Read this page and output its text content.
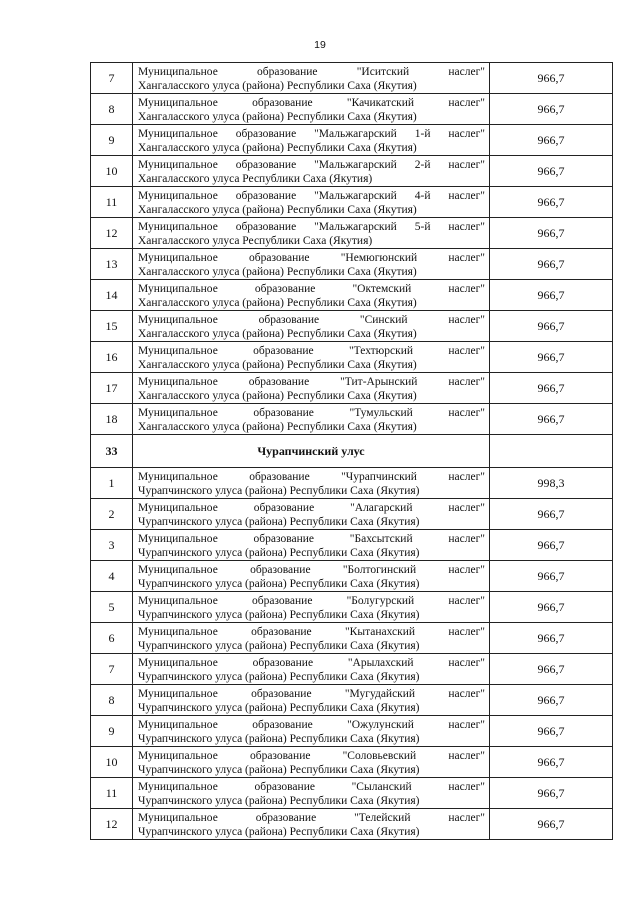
19
7	Муниципальное образование "Иситский наслег"
Хангаласского улуса (района) Республики Саха (Якутия)	966,7
8	Муниципальное образование "Качикатский наслег"
Хангаласского улуса (района) Республики Саха (Якутия)	966,7
9	Муниципальное образование "Мальжагарский 1-й наслег"
Хангаласского улуса (района) Республики Саха (Якутия)	966,7
10	Муниципальное образование "Мальжагарский 2-й наслег"
Хангаласского улуса Республики Саха (Якутия)	966,7
11	Муниципальное образование "Мальжагарский 4-й наслег"
Хангаласского улуса (района) Республики Саха (Якутия)	966,7
12	Муниципальное образование "Мальжагарский 5-й наслег"
Хангаласского улуса Республики Саха (Якутия)	966,7
13	Муниципальное образование "Немюгюнский наслег"
Хангаласского улуса (района) Республики Саха (Якутия)	966,7
14	Муниципальное образование "Октемский наслег"
Хангаласского улуса (района) Республики Саха (Якутия)	966,7
15	Муниципальное образование "Синский наслег"
Хангаласского улуса (района) Республики Саха (Якутия)	966,7
16	Муниципальное образование "Техтюрский наслег"
Хангаласского улуса (района) Республики Саха (Якутия)	966,7
17	Муниципальное образование "Тит-Арынский наслег"
Хангаласского улуса (района) Республики Саха (Якутия)	966,7
18	Муниципальное образование "Тумульский наслег"
Хангаласского улуса (района) Республики Саха (Якутия)	966,7
33	Чурапчинский улус	
1	Муниципальное образование "Чурапчинский наслег"
Чурапчинского улуса (района) Республики Саха (Якутия)	998,3
2	Муниципальное образование "Алагарский наслег"
Чурапчинского улуса (района) Республики Саха (Якутия)	966,7
3	Муниципальное образование "Бахсытский наслег"
Чурапчинского улуса (района) Республики Саха (Якутия)	966,7
4	Муниципальное образование "Болтогинский наслег"
Чурапчинского улуса (района) Республики Саха (Якутия)	966,7
5	Муниципальное образование "Болугурский наслег"
Чурапчинского улуса (района) Республики Саха (Якутия)	966,7
6	Муниципальное образование "Кытанахский наслег"
Чурапчинского улуса (района) Республики Саха (Якутия)	966,7
7	Муниципальное образование "Арылахский наслег"
Чурапчинского улуса (района) Республики Саха (Якутия)	966,7
8	Муниципальное образование "Мугудайский наслег"
Чурапчинского улуса (района) Республики Саха (Якутия)	966,7
9	Муниципальное образование "Ожулунский наслег"
Чурапчинского улуса (района) Республики Саха (Якутия)	966,7
10	Муниципальное образование "Соловьевский наслег"
Чурапчинского улуса (района) Республики Саха (Якутия)	966,7
11	Муниципальное образование "Сыланский наслег"
Чурапчинского улуса (района) Республики Саха (Якутия)	966,7
12	Муниципальное образование "Телейский наслег"
Чурапчинского улуса (района) Республики Саха (Якутия)	966,7
